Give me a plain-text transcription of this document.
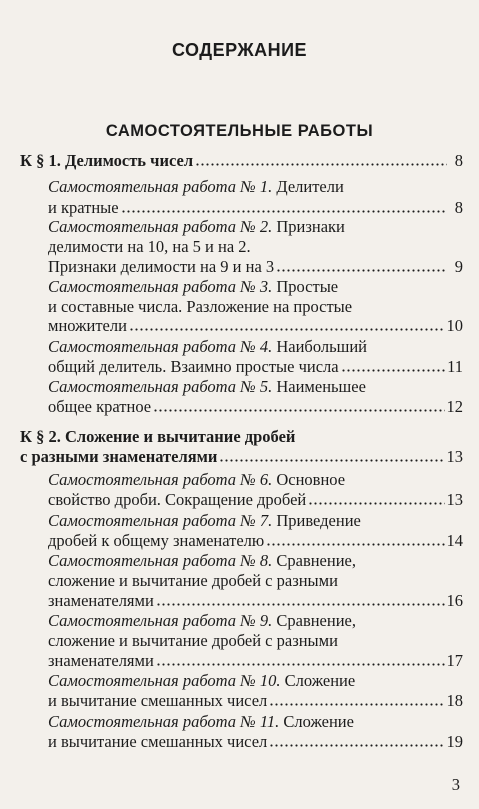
СОДЕРЖАНИЕ
САМОСТОЯТЕЛЬНЫЕ РАБОТЫ
К § 1. Делимость чисел	8
Самостоятельная работа № 1. Делители
и кратные	8
Самостоятельная работа № 2. Признаки
делимости на 10, на 5 и на 2.
Признаки делимости на 9 и на 3	9
Самостоятельная работа № 3. Простые
и составные числа. Разложение на простые
множители	10
Самостоятельная работа № 4. Наибольший
общий делитель. Взаимно простые числа	11
Самостоятельная работа № 5. Наименьшее
общее кратное	12
К § 2. Сложение и вычитание дробей
с разными знаменателями	13
Самостоятельная работа № 6. Основное
свойство дроби. Сокращение дробей	13
Самостоятельная работа № 7. Приведение
дробей к общему знаменателю	14
Самостоятельная работа № 8. Сравнение,
сложение и вычитание дробей с разными
знаменателями	16
Самостоятельная работа № 9. Сравнение,
сложение и вычитание дробей с разными
знаменателями	17
Самостоятельная работа № 10. Сложение
и вычитание смешанных чисел	18
Самостоятельная работа № 11. Сложение
и вычитание смешанных чисел	19
3
